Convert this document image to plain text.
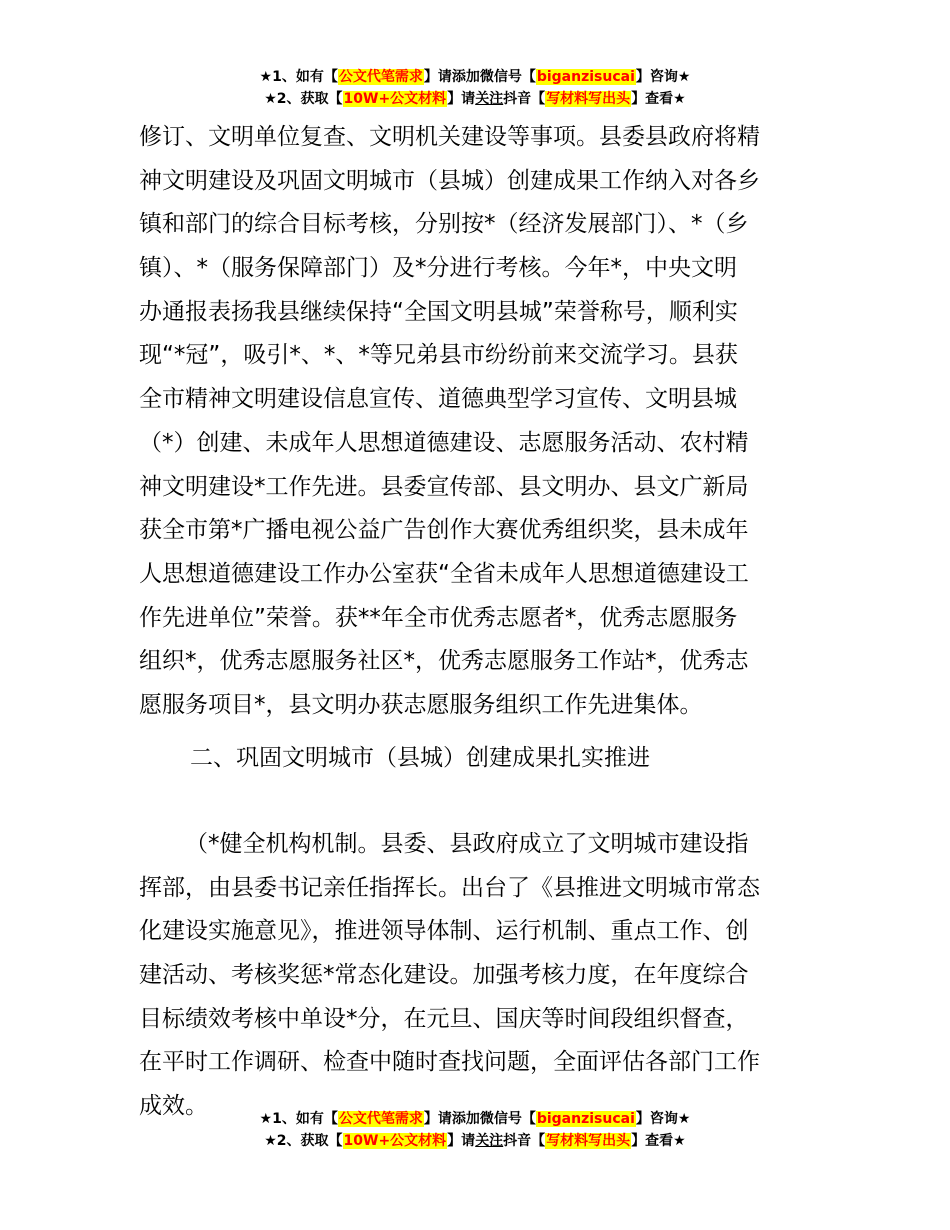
★1、如有【公文代笔需求】请添加微信号【biganzisucai】咨询★
★2、获取【10W+公文材料】请关注抖音【写材料写出头】查看★
修订、文明单位复查、文明机关建设等事项。县委县政府将精
神文明建设及巩固文明城市（县城）创建成果工作纳入对各乡
镇和部门的综合目标考核，分别按*（经济发展部门）、*（乡
镇）、*（服务保障部门）及*分进行考核。今年*，中央文明
办通报表扬我县继续保持“全国文明县城”荣誉称号，顺利实
现“*冠”，吸引*、*、*等兄弟县市纷纷前来交流学习。县获
全市精神文明建设信息宣传、道德典型学习宣传、文明县城
（*）创建、未成年人思想道德建设、志愿服务活动、农村精
神文明建设*工作先进。县委宣传部、县文明办、县文广新局
获全市第*广播电视公益广告创作大赛优秀组织奖，县未成年
人思想道德建设工作办公室获“全省未成年人思想道德建设工
作先进单位”荣誉。获**年全市优秀志愿者*，优秀志愿服务
组织*，优秀志愿服务社区*，优秀志愿服务工作站*，优秀志
愿服务项目*，县文明办获志愿服务组织工作先进集体。
二、巩固文明城市（县城）创建成果扎实推进
（*健全机构机制。县委、县政府成立了文明城市建设指
挥部，由县委书记亲任指挥长。出台了《县推进文明城市常态
化建设实施意见》，推进领导体制、运行机制、重点工作、创
建活动、考核奖惩*常态化建设。加强考核力度，在年度综合
目标绩效考核中单设*分，在元旦、国庆等时间段组织督查，
在平时工作调研、检查中随时查找问题，全面评估各部门工作
成效。	★1、如有【公文代笔需求】请添加微信号【biganzisucai】咨询★
★2、获取【10W+公文材料】请关注抖音【写材料写出头】查看★
